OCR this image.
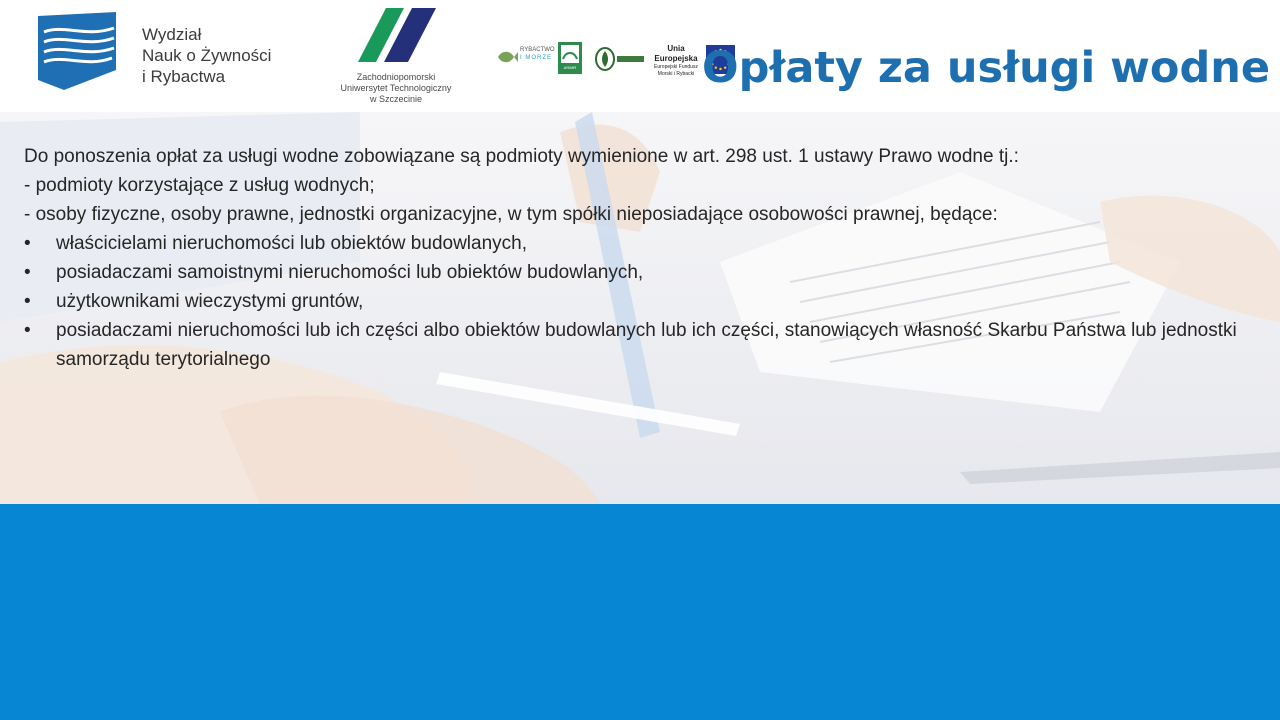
Wydział
Nauk o Żywności
i Rybactwa	Zachodniopomorski
Uniwersytet Technologiczny
w Szczecinie
RYBACTWO
I MORZE
ARiMR
Unia Europejska
Europejski Fundusz
Morski i Rybacki Opłaty za usługi wodne

Do ponoszenia opłat za usługi wodne zobowiązane są podmioty wymienione w art. 298 ust. 1 ustawy Prawo wodne tj.:

- podmioty korzystające z usług wodnych;

- osoby fizyczne, osoby prawne, jednostki organizacyjne, w tym spółki nieposiadające osobowości prawnej, będące:

•	właścicielami nieruchomości lub obiektów budowlanych,
•	posiadaczami samoistnymi nieruchomości lub obiektów budowlanych,
•	użytkownikami wieczystymi gruntów,
•	posiadaczami nieruchomości lub ich części albo obiektów budowlanych lub ich części, stanowiących własność Skarbu Państwa lub jednostki samorządu terytorialnego
